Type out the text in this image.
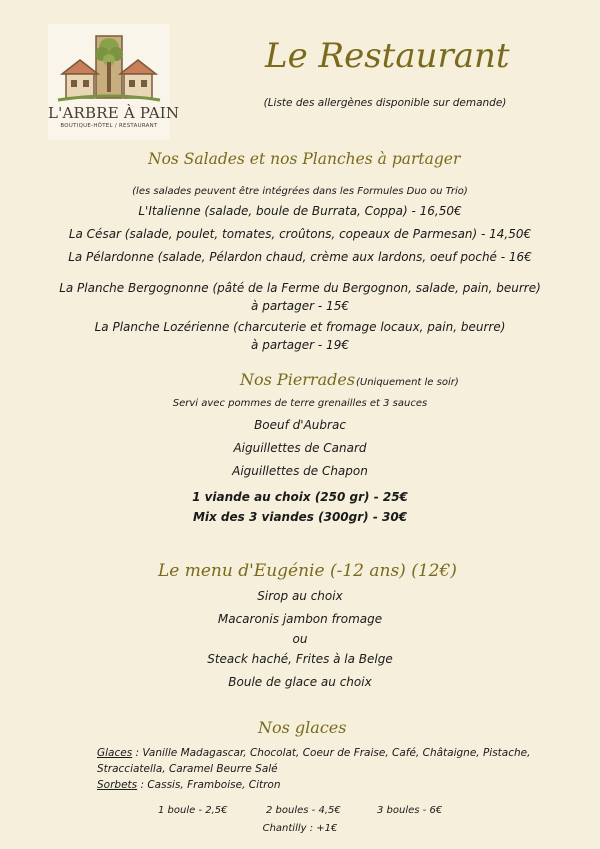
L'ARBRE À PAIN
BOUTIQUE-HÔTEL / RESTAURANT
Le Restaurant
(Liste des allergènes disponible sur demande)
Nos Salades et nos Planches à partager
(les salades peuvent être intégrées dans les Formules Duo ou Trio)
L'Italienne (salade, boule de Burrata, Coppa) - 16,50€
La César (salade, poulet, tomates, croûtons, copeaux de Parmesan) - 14,50€
La Pélardonne (salade, Pélardon chaud, crème aux lardons, oeuf poché - 16€
La Planche Bergognonne (pâté de la Ferme du Bergognon, salade, pain, beurre)
à partager - 15€
La Planche Lozérienne (charcuterie et fromage locaux, pain, beurre)
à partager - 19€
Nos Pierrades (Uniquement le soir)
Servi avec pommes de terre grenailles et 3 sauces
Boeuf d'Aubrac
Aiguillettes de Canard
Aiguillettes de Chapon
1 viande au choix (250 gr) - 25€
Mix des 3 viandes (300gr) - 30€
Le menu d'Eugénie (-12 ans) (12€)
Sirop au choix
Macaronis jambon fromage
ou
Steack haché, Frites à la Belge
Boule de glace au choix
Nos glaces
Glaces : Vanille Madagascar, Chocolat, Coeur de Fraise, Café, Châtaigne, Pistache,
Stracciatella, Caramel Beurre Salé
Sorbets : Cassis, Framboise, Citron
1 boule - 2,5€	2 boules - 4,5€	3 boules - 6€
Chantilly : +1€
